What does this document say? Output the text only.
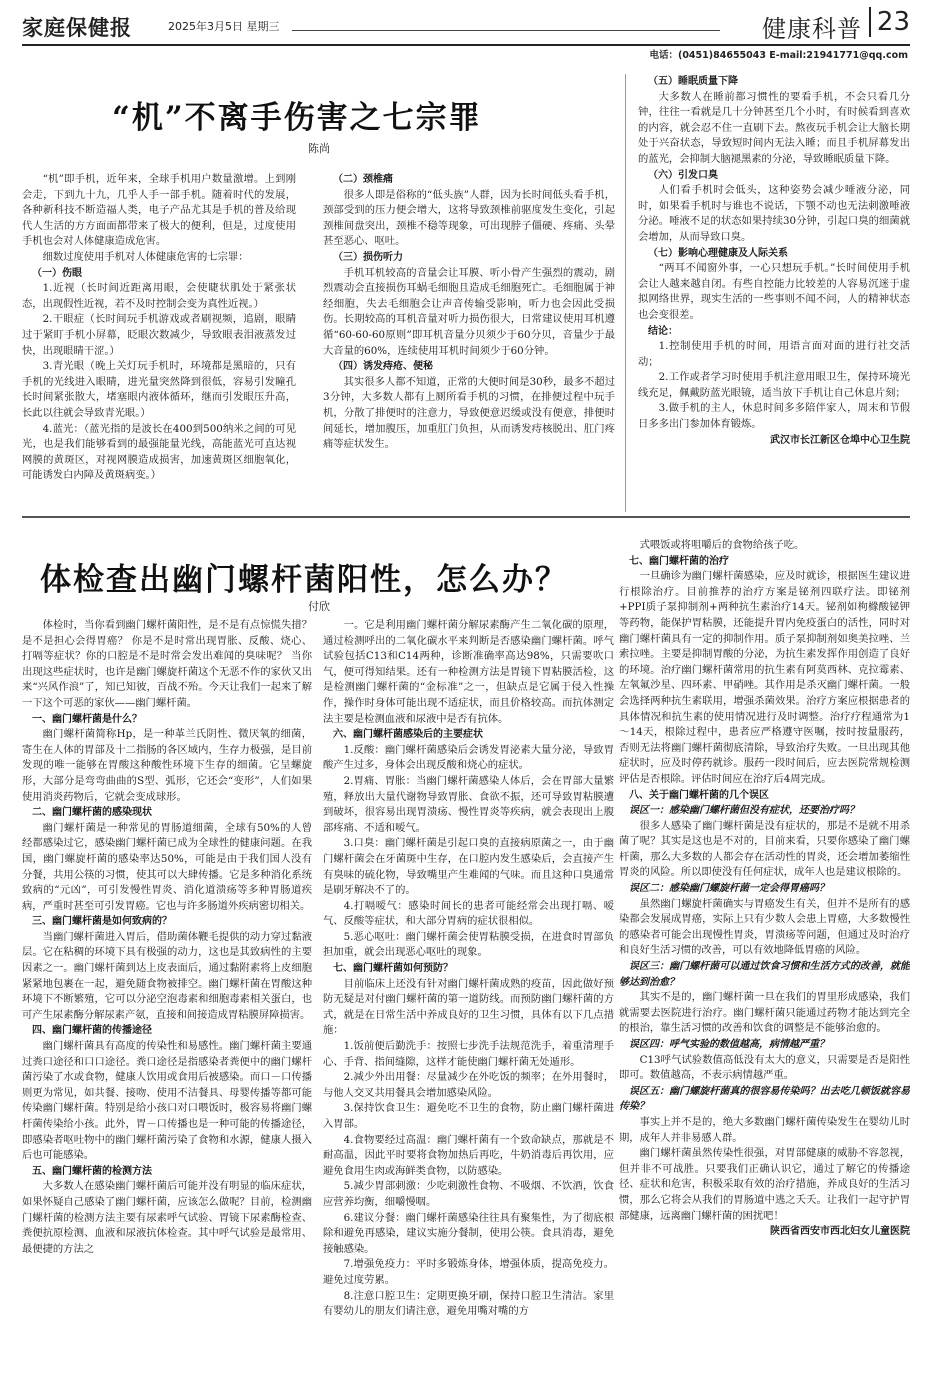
家庭保健报	2025年3月5日 星期三	健康科普 23
电话：(0451)84655043 E-mail:21941771@qq.com
“机”不离手伤害之七宗罪
陈尚

“机”即手机，近年来，全球手机用户数量激增。上到刚会走，下到九十九，几乎人手一部手机。随着时代的发展，各种新科技不断造福人类，电子产品尤其是手机的普及给现代人生活的方方面面都带来了极大的便利，但是，过度使用手机也会对人体健康造成危害。

细数过度使用手机对人体健康危害的七宗罪：

（一）伤眼

1.近视（长时间近距离用眼，会使睫状肌处于紧张状态，出现假性近视，若不及时控制会变为真性近视。）

2.干眼症（长时间玩手机游戏或者刷视频，追剧，眼睛过于紧盯手机小屏幕，眨眼次数减少，导致眼表泪液蒸发过快，出现眼睛干涩。）

3.青光眼（晚上关灯玩手机时，环境都是黑暗的，只有手机的光线进入眼睛，进光量突然降到很低，容易引发瞳孔长时间紧张散大，堵塞眼内液体循环，继而引发眼压升高，长此以往就会导致青光眼。）

4.蓝光：（蓝光指的是波长在400到500纳米之间的可见光，也是我们能够看到的最强能量光线，高能蓝光可直达视网膜的黄斑区，对视网膜造成损害，加速黄斑区细胞氧化，可能诱发白内障及黄斑病变。）

（二）颈椎痛

很多人即是俗称的“低头族”人群，因为长时间低头看手机，颈部受到的压力便会增大，这将导致颈椎前驱度发生变化，引起颈椎间盘突出，颈椎不稳等现象，可出现脖子僵硬、疼痛、头晕甚至恶心、呕吐。

（三）损伤听力

手机耳机较高的音量会让耳膜、听小骨产生强烈的震动，剧烈震动会直接损伤耳蜗毛细胞且造成毛细胞死亡。毛细胞属于神经细胞，失去毛细胞会让声音传输受影响，听力也会因此受损伤。长期较高的耳机音量对听力损伤很大，日常建议使用耳机遵循“60-60-60原则”即耳机音量分贝须少于60分贝，音量少于最大音量的60%，连续使用耳机时间须少于60分钟。

（四）诱发痔疮、便秘

其实很多人都不知道，正常的大便时间是30秒，最多不超过3分钟，大多数人都有上厕所看手机的习惯，在排便过程中玩手机，分散了排便时的注意力，导致便意迟缓或没有便意，排便时间延长，增加腹压，加重肛门负担，从而诱发痔核脱出、肛门疼痛等症状发生。

（五）睡眠质量下降

大多数人在睡前都习惯性的要看手机，不会只看几分钟，往往一看就是几十分钟甚至几个小时，有时候看到喜欢的内容，就会忍不住一直刷下去。熬夜玩手机会让大脑长期处于兴奋状态，导致短时间内无法入睡；而且手机屏幕发出的蓝光，会抑制大脑褪黑素的分泌，导致睡眠质量下降。

（六）引发口臭

人们看手机时会低头，这种姿势会减少唾液分泌，同时，如果看手机时与谁也不说话，下颚不动也无法刺激唾液分泌。唾液不足的状态如果持续30分钟，引起口臭的细菌就会增加，从而导致口臭。

（七）影响心理健康及人际关系

“两耳不闻窗外事，一心只想玩手机。”长时间使用手机会让人越来越自闭。有些自控能力比较差的人容易沉迷于虚拟网络世界，现实生活的一些事则不闻不问，人的精神状态也会变很差。

结论：

1.控制使用手机的时间，用语言面对面的进行社交活动；

2.工作或者学习时使用手机注意用眼卫生，保持环境光线充足，佩戴防蓝光眼镜，适当放下手机让自己休息片刻；

3.做手机的主人，休息时间多多陪伴家人，周末和节假日多多出门参加体育锻炼。

武汉市长江新区仓埠中心卫生院

体检查出幽门螺杆菌阳性，怎么办？
付欣

体检时，当你看到幽门螺杆菌阳性，是不是有点惊慌失措？是不是担心会得胃癌？ 你是不是时常出现胃胀、反酸、烧心、打嗝等症状？你的口腔是不是时常会发出难闻的臭味呢？ 当你出现这些症状时，也许是幽门螺旋杆菌这个无恶不作的家伙又出来“兴风作浪”了，知已知彼，百战不殆。今天让我们一起来了解一下这个可恶的家伙——幽门螺杆菌。

一、幽门螺杆菌是什么？

幽门螺杆菌简称Hp，是一种革兰氏阴性、微厌氧的细菌，寄生在人体的胃部及十二指肠的各区域内，生存力极强，是目前发现的唯一能够在胃酸这种酸性环境下生存的细菌。它呈螺旋形，大部分是弯弯曲曲的S型、弧形，它还会“变形”，人们如果使用消炎药物后，它就会变成球形。

二、幽门螺杆菌的感染现状

幽门螺杆菌是一种常见的胃肠道细菌，全球有50%的人曾经都感染过它，感染幽门螺杆菌已成为全球性的健康问题。在我国，幽门螺旋杆菌的感染率达50%，可能是由于我们国人没有分餐，共用公筷的习惯，使其可以大肆传播。它是多种消化系统致病的“元凶”，可引发慢性胃炎、消化道溃疡等多种胃肠道疾病，严重时甚至可引发胃癌。它也与许多肠道外疾病密切相关。

三、幽门螺杆菌是如何致病的？

当幽门螺杆菌进入胃后，借助菌体鞭毛提供的动力穿过黏液层。它在粘稠的环境下具有极强的动力，这也是其致病性的主要因素之一。幽门螺杆菌到达上皮表面后，通过黏附素将上皮细胞紧紧地包裹在一起，避免随食物被排空。幽门螺杆菌在胃酸这种环境下不断繁殖，它可以分泌空泡毒素和细胞毒素相关蛋白，也可产生尿素酶分解尿素产氨，直接和间接造成胃粘膜屏障损害。

四、幽门螺杆菌的传播途径

幽门螺杆菌具有高度的传染性和易感性。幽门螺杆菌主要通过粪口途径和口口途径。粪口途径是指感染者粪便中的幽门螺杆菌污染了水或食物，健康人饮用或食用后被感染。而口－口传播则更为常见，如共餐、接吻、使用不洁餐具、母婴传播等都可能传染幽门螺杆菌。特别是给小孩口对口喂饭时，极容易将幽门螺杆菌传染给小孩。此外，胃－口传播也是一种可能的传播途径，即感染者呕吐物中的幽门螺杆菌污染了食物和水源，健康人摄入后也可能感染。

五、幽门螺杆菌的检测方法

大多数人在感染幽门螺杆菌后可能并没有明显的临床症状，如果怀疑自己感染了幽门螺杆菌，应该怎么做呢？目前，检测幽门螺杆菌的检测方法主要有尿素呼气试验、胃镜下尿素酶检查、粪便抗原检测、血液和尿液抗体检查。其中呼气试验是最常用、最便捷的方法之

一。它是利用幽门螺杆菌分解尿素酶产生二氧化碳的原理，通过检测呼出的二氧化碳水平来判断是否感染幽门螺杆菌。呼气试验包括C13和C14两种，诊断准确率高达98%，只需要吹口气，便可得知结果。还有一种检测方法是胃镜下胃粘膜活检，这是检测幽门螺杆菌的“金标准”之一，但缺点是它属于侵入性操作，操作时身体可能出现不适症状，而且价格较高。而抗体测定法主要是检测血液和尿液中是否有抗体。

六、幽门螺杆菌感染后的主要症状

1.反酸：幽门螺杆菌感染后会诱发胃泌素大量分泌，导致胃酸产生过多，身体会出现反酸和烧心的症状。

2.胃痛、胃胀：当幽门螺杆菌感染人体后，会在胃部大量繁殖，释放出大量代谢物导致胃胀、食欲不振，还可导致胃粘膜遭到破坏，很容易出现胃溃疡、慢性胃炎等疾病，就会表现出上腹部疼痛、不适和嗳气。

3.口臭：幽门螺杆菌是引起口臭的直接病原菌之一，由于幽门螺杆菌会在牙菌斑中生存，在口腔内发生感染后，会直接产生有臭味的硫化物，导致嘴里产生难闻的气味。而且这种口臭通常是刷牙解决不了的。

4.打嗝嗳气：感染时间长的患者可能经常会出现打嗝、嗳气、反酸等症状，和大部分胃病的症状很相似。

5.恶心呕吐：幽门螺杆菌会使胃粘膜受损，在进食时胃部负担加重，就会出现恶心呕吐的现象。

七、幽门螺杆菌如何预防？

目前临床上还没有针对幽门螺杆菌成熟的疫苗，因此做好预防无疑是对付幽门螺杆菌的第一道防线。而预防幽门螺杆菌的方式，就是在日常生活中养成良好的卫生习惯，具体有以下几点措施：

1.饭前便后勤洗手：按照七步洗手法规范洗手，着重清理手心、手背、指间缝隙，这样才能使幽门螺杆菌无处遁形。

2.减少外出用餐：尽量减少在外吃饭的频率；在外用餐时，与他人交叉共用餐具会增加感染风险。

3.保持饮食卫生：避免吃不卫生的食物，防止幽门螺杆菌进入胃部。

4.食物要经过高温：幽门螺杆菌有一个致命缺点，那就是不耐高温，因此平时要将食物加热后再吃，牛奶消毒后再饮用，应避免食用生肉或海鲜类食物，以防感染。

5.减少胃部刺激：少吃刺激性食物、不吸烟、不饮酒，饮食应营养均衡，细嚼慢咽。

6.建议分餐：幽门螺杆菌感染往往具有聚集性，为了彻底根除和避免再感染，建议实施分餐制，使用公筷。食具消毒，避免接触感染。

7.增强免疫力：平时多锻炼身体，增强体质，提高免疫力。避免过度劳累。

8.注意口腔卫生：定期更换牙刷，保持口腔卫生清洁。家里有婴幼儿的朋友们请注意，避免用嘴对嘴的方

式喂饭或将咀嚼后的食物给孩子吃。

七、幽门螺杆菌的治疗

一旦确诊为幽门螺杆菌感染，应及时就诊，根据医生建议进行根除治疗。目前推荐的治疗方案是铋剂四联疗法。即铋剂+PPI质子泵抑制剂+两种抗生素治疗14天。铋剂如枸橼酸铋钾等药物，能保护胃粘膜，还能提升胃内免疫蛋白的活性，同时对幽门螺杆菌具有一定的抑制作用。质子泵抑制剂如奥美拉唑、兰索拉唑。主要是抑制胃酸的分泌，为抗生素发挥作用创造了良好的环境。治疗幽门螺杆菌常用的抗生素有阿莫西林、克拉霉素、左氧氟沙星、四环素、甲硝唑。其作用是杀灭幽门螺杆菌。一般会选择两种抗生素联用，增强杀菌效果。治疗方案应根据患者的具体情况和抗生素的使用情况进行及时调整。治疗疗程通常为1～14天，根除过程中，患者应严格遵守医嘱，按时按量服药，否则无法将幽门螺杆菌彻底清除，导致治疗失败。一旦出现其他症状时，应及时停药就诊。服药一段时间后，应去医院常规检测评估是否根除。评估时间应在治疗后4周完成。

八、关于幽门螺杆菌的几个误区

误区一：感染幽门螺杆菌但没有症状，还要治疗吗？

很多人感染了幽门螺杆菌是没有症状的，那是不是就不用杀菌了呢？其实是这也是不对的，目前来看，只要你感染了幽门螺杆菌，那么大多数的人都会存在活动性的胃炎，还会增加萎缩性胃炎的风险。所以即使没有任何症状，成年人也是建议根除的。

误区二：感染幽门螺旋杆菌一定会得胃癌吗？

虽然幽门螺旋杆菌确实与胃癌发生有关，但并不是所有的感染都会发展成胃癌，实际上只有少数人会患上胃癌，大多数慢性的感染者可能会出现慢性胃炎，胃溃疡等问题，但通过及时治疗和良好生活习惯的改善，可以有效地降低胃癌的风险。

误区三：幽门螺杆菌可以通过饮食习惯和生活方式的改善，就能够达到治愈？

其实不是的，幽门螺杆菌一旦在我们的胃里形成感染，我们就需要去医院进行治疗。幽门螺杆菌只能通过药物才能达到完全的根治，靠生活习惯的改善和饮食的调整是不能够治愈的。

误区四：呼气实验的数值越高，病情越严重？

C13呼气试验数值高低没有太大的意义，只需要是否是阳性即可。数值越高，不表示病情越严重。

误区五：幽门螺旋杆菌真的很容易传染吗？出去吃几顿饭就容易传染？

事实上并不是的，绝大多数幽门螺杆菌传染发生在婴幼儿时期，成年人并非易感人群。

幽门螺杆菌虽然传染性很强，对胃部健康的威胁不容忽视，但并非不可战胜。只要我们正确认识它，通过了解它的传播途径、症状和危害，积极采取有效的治疗措施，养成良好的生活习惯，那么它将会从我们的胃肠道中逃之夭夭。让我们一起守护胃部健康，远离幽门螺杆菌的困扰吧！

陕西省西安市西北妇女儿童医院
